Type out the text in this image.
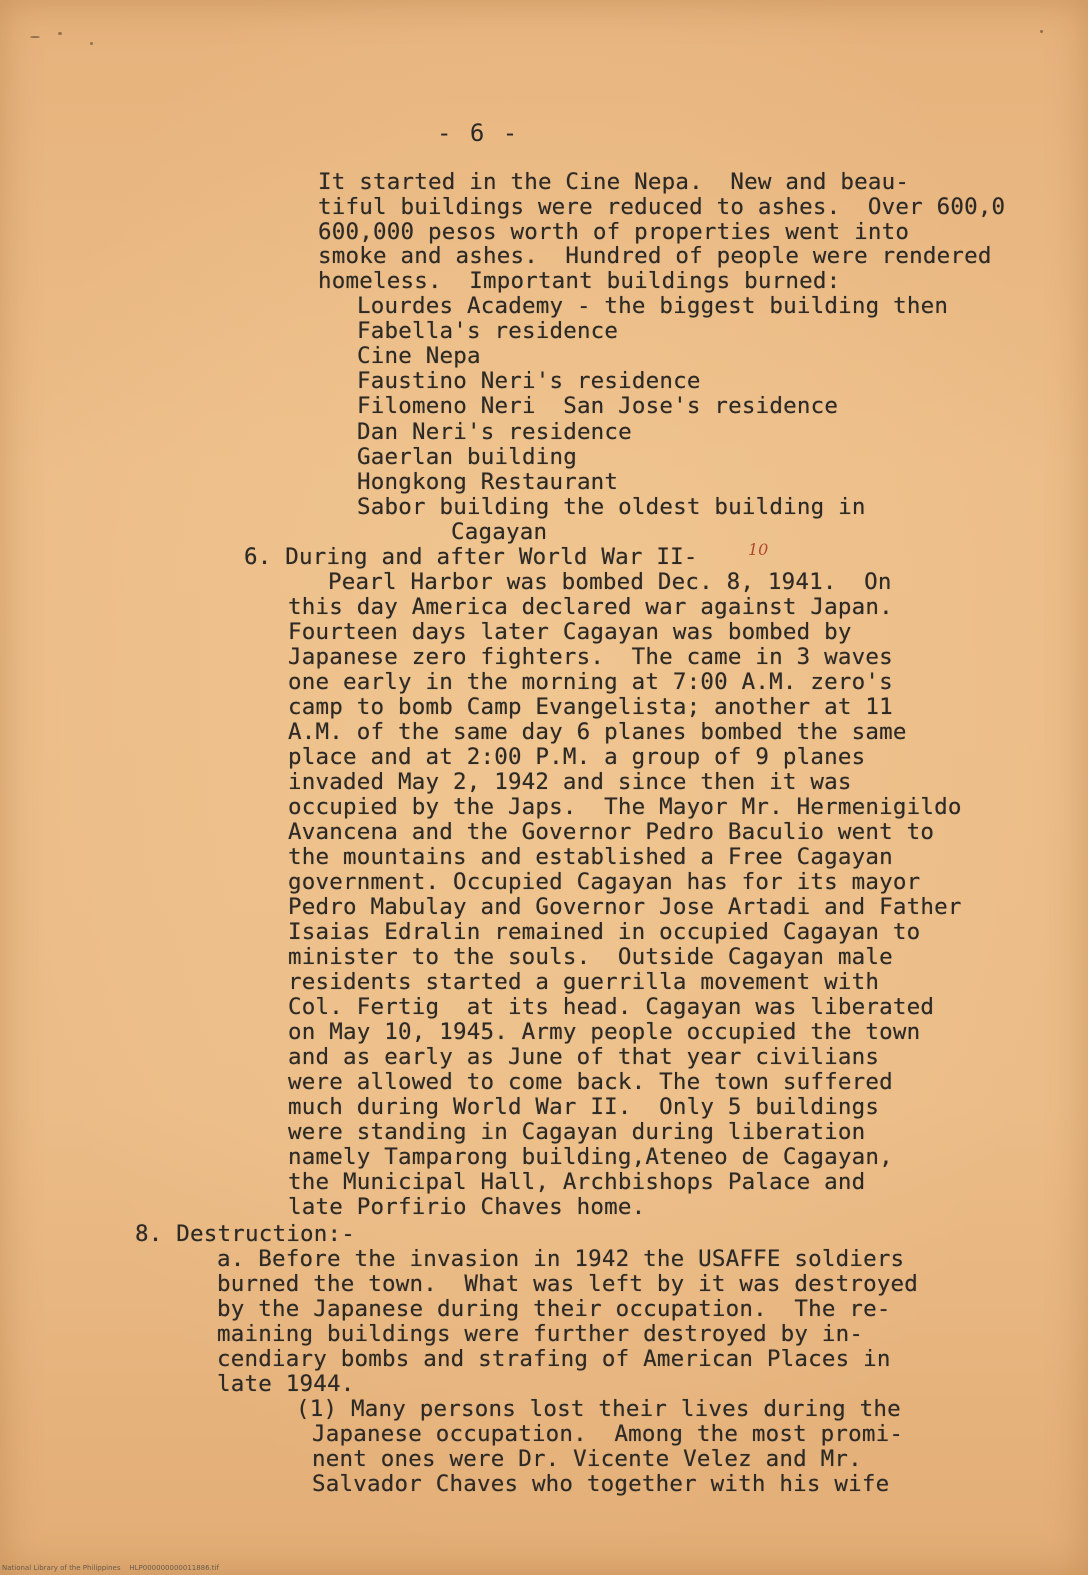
- 6 -
It started in the Cine Nepa.  New and beau-
tiful buildings were reduced to ashes.  Over 600,0
600,000 pesos worth of properties went into
smoke and ashes.  Hundred of people were rendered
homeless.  Important buildings burned:
Lourdes Academy - the biggest building then
Fabella's residence
Cine Nepa
Faustino Neri's residence
Filomeno Neri  San Jose's residence
Dan Neri's residence
Gaerlan building
Hongkong Restaurant
Sabor building the oldest building in
Cagayan
6. During and after World War II-	10
Pearl Harbor was bombed Dec. 8, 1941.  On
this day America declared war against Japan.
Fourteen days later Cagayan was bombed by
Japanese zero fighters.  The came in 3 waves
one early in the morning at 7:00 A.M. zero's
camp to bomb Camp Evangelista; another at 11
A.M. of the same day 6 planes bombed the same
place and at 2:00 P.M. a group of 9 planes
invaded May 2, 1942 and since then it was
occupied by the Japs.  The Mayor Mr. Hermenigildo
Avancena and the Governor Pedro Baculio went to
the mountains and established a Free Cagayan
government. Occupied Cagayan has for its mayor
Pedro Mabulay and Governor Jose Artadi and Father
Isaias Edralin remained in occupied Cagayan to
minister to the souls.  Outside Cagayan male
residents started a guerrilla movement with
Col. Fertig  at its head. Cagayan was liberated
on May 10, 1945. Army people occupied the town
and as early as June of that year civilians
were allowed to come back. The town suffered
much during World War II.  Only 5 buildings
were standing in Cagayan during liberation
namely Tamparong building,Ateneo de Cagayan,
the Municipal Hall, Archbishops Palace and
late Porfirio Chaves home.
8. Destruction:-
a. Before the invasion in 1942 the USAFFE soldiers
burned the town.  What was left by it was destroyed
by the Japanese during their occupation.  The re-
maining buildings were further destroyed by in-
cendiary bombs and strafing of American Places in
late 1944.
(1) Many persons lost their lives during the
Japanese occupation.  Among the most promi-
nent ones were Dr. Vicente Velez and Mr.
Salvador Chaves who together with his wife
National Library of the Philippines    HLP000000000011886.tif
